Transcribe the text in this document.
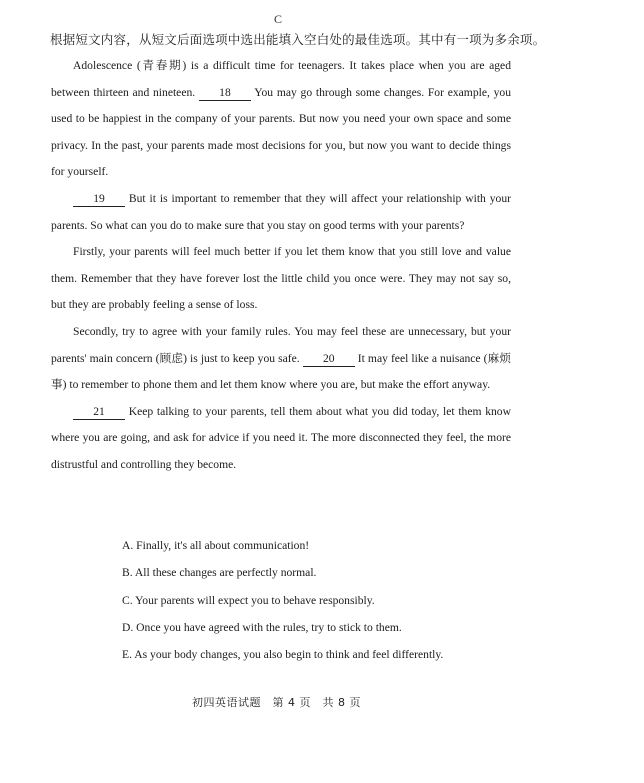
C
根据短文内容，从短文后面选项中选出能填入空白处的最佳选项。其中有一项为多余项。

Adolescence (青春期) is a difficult time for teenagers. It takes place when you are aged between thirteen and nineteen. 18 You may go through some changes. For example, you used to be happiest in the company of your parents. But now you need your own space and some privacy. In the past, your parents made most decisions for you, but now you want to decide things for yourself.

19 But it is important to remember that they will affect your relationship with your parents. So what can you do to make sure that you stay on good terms with your parents?

Firstly, your parents will feel much better if you let them know that you still love and value them. Remember that they have forever lost the little child you once were. They may not say so, but they are probably feeling a sense of loss.

Secondly, try to agree with your family rules. You may feel these are unnecessary, but your parents' main concern (顾虑) is just to keep you safe. 20 It may feel like a nuisance (麻烦事) to remember to phone them and let them know where you are, but make the effort anyway.

21 Keep talking to your parents, tell them about what you did today, let them know where you are going, and ask for advice if you need it. The more disconnected they feel, the more distrustful and controlling they become.

A. Finally, it's all about communication!
B. All these changes are perfectly normal.
C. Your parents will expect you to behave responsibly.
D. Once you have agreed with the rules, try to stick to them.
E. As your body changes, you also begin to think and feel differently.
初四英语试题　第 4 页　共 8 页
